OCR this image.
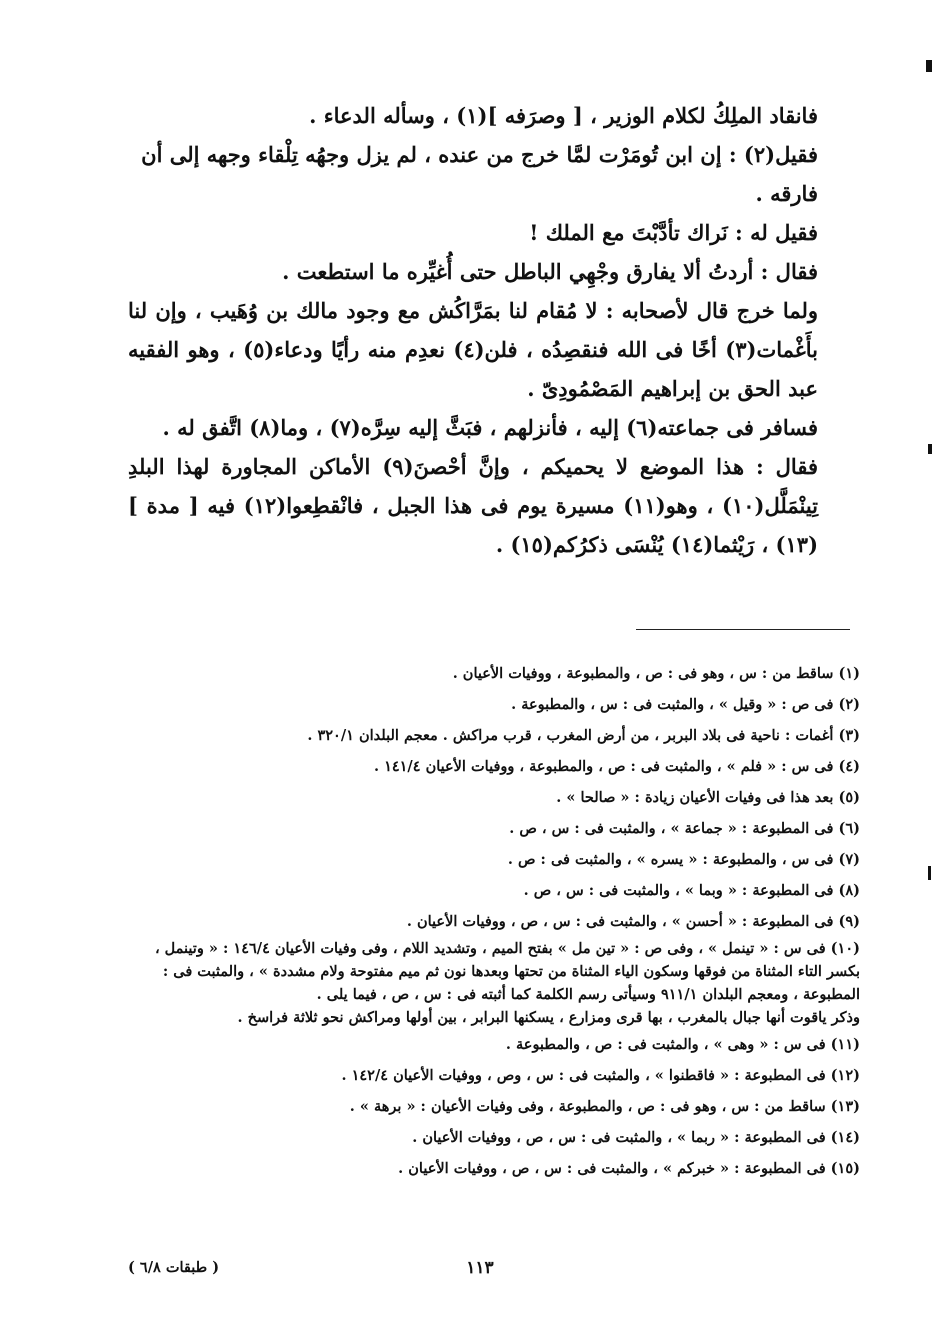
فانقاد الملِكُ لكلام الوزير ، [ وصرَفه ](١) ، وسأله الدعاء .

فقيل(٢) : إن ابن تُومَرْت لمَّا خرج من عنده ، لم يزل وجهُه تِلْقاء وجهه إلى أن فارقه .

فقيل له : نَراك تأدَّبْتَ مع الملك !

فقال : أردتُ ألا يفارق وجْهِي الباطل حتى أُغيِّره ما استطعت .

ولما خرج قال لأصحابه : لا مُقام لنا بمَرَّاكُش مع وجود مالك بن وُهَيب ، وإن لنا بأَغْمات(٣) أخًا فى الله فنقصِدُه ، فلن(٤) نعدِم منه رأيًا ودعاء(٥) ، وهو الفقيه عبد الحق بن إبراهيم المَصْمُودِىّ .

فسافر فى جماعته(٦) إليه ، فأنزلهم ، فبَثَّ إليه سِرَّه(٧) ، وما(٨) اتَّفق له .

فقال : هذا الموضع لا يحميكم ، وإنَّ أحْصنَ(٩) الأماكن المجاورة لهذا البلدِ تِينْمَلَّل(١٠) ، وهو(١١) مسيرة يوم فى هذا الجبل ، فانْقطِعوا(١٢) فيه [ مدة ](١٣) ، رَيْثما(١٤) يُنْسَى ذكرُكم(١٥) .

(١) ساقط من : س ، وهو فى : ص ، والمطبوعة ، ووفيات الأعيان .

(٢) فى ص : « وقيل » ، والمثبت فى : س ، والمطبوعة .

(٣) أغمات : ناحية فى بلاد البربر ، من أرض المغرب ، قرب مراكش . معجم البلدان ٣٢٠/١ .

(٤) فى س : « فلم » ، والمثبت فى : ص ، والمطبوعة ، ووفيات الأعيان ١٤١/٤ .

(٥) بعد هذا فى وفيات الأعيان زيادة : « صالحا » .

(٦) فى المطبوعة : « جماعة » ، والمثبت فى : س ، ص .

(٧) فى س ، والمطبوعة : « يسره » ، والمثبت فى : ص .

(٨) فى المطبوعة : « وبما » ، والمثبت فى : س ، ص .

(٩) فى المطبوعة : « أحسن » ، والمثبت فى : س ، ص ، ووفيات الأعيان .

(١٠) فى س : « تينمل » ، وفى ص : « تين مل » بفتح الميم ، وتشديد اللام ، وفى وفيات الأعيان ١٤٦/٤ : « وتينمل ، بكسر التاء المثناة من فوقها وسكون الياء المثناة من تحتها وبعدها نون ثم ميم مفتوحة ولام مشددة » ، والمثبت فى : المطبوعة ، ومعجم البلدان ٩١١/١ وسيأتى رسم الكلمة كما أثبته فى : س ، ص ، فيما يلى .

وذكر ياقوت أنها جبال بالمغرب ، بها قرى ومزارع ، يسكنها البرابر ، بين أولها ومراكش نحو ثلاثة فراسخ .

(١١) فى س : « وهى » ، والمثبت فى : ص ، والمطبوعة .

(١٢) فى المطبوعة : « فاقطنوا » ، والمثبت فى : س ، وص ، ووفيات الأعيان ١٤٢/٤ .

(١٣) ساقط من : س ، وهو فى : ص ، والمطبوعة ، وفى وفيات الأعيان : « برهة » .

(١٤) فى المطبوعة : « ربما » ، والمثبت فى : س ، ص ، ووفيات الأعيان .

(١٥) فى المطبوعة : « خبركم » ، والمثبت فى : س ، ص ، ووفيات الأعيان .

١١٣
( طبقات ٦/٨ )
